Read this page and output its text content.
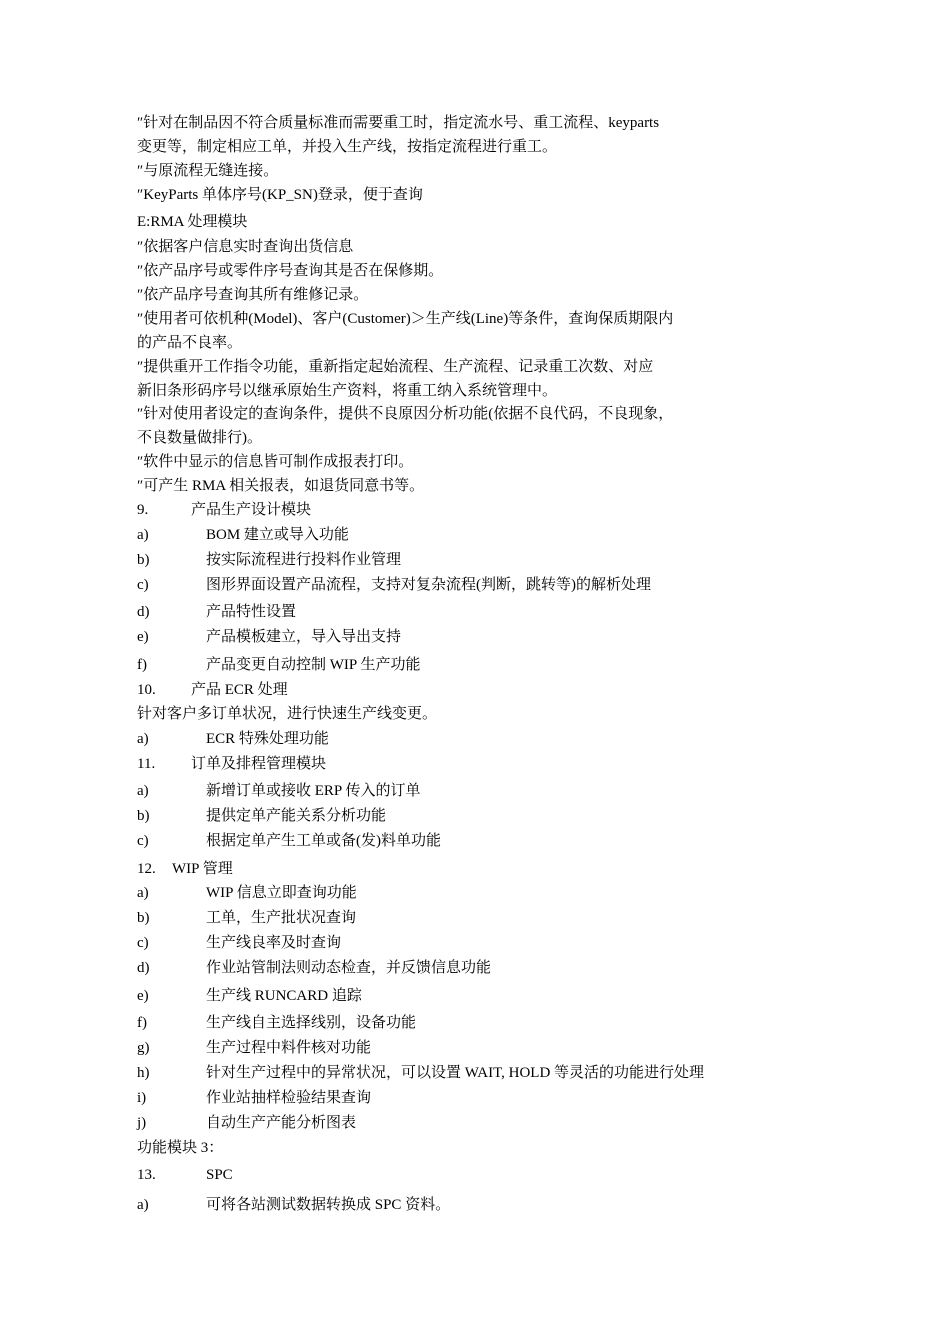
″针对在制品因不符合质量标准而需要重工时，指定流水号、重工流程、keyparts
变更等，制定相应工单，并投入生产线，按指定流程进行重工。
″与原流程无缝连接。
″KeyParts 单体序号(KP_SN)登录，便于查询
E:RMA 处理模块
″依据客户信息实时查询出货信息
″依产品序号或零件序号查询其是否在保修期。
″依产品序号查询其所有维修记录。
″使用者可依机种(Model)、客户(Customer)＞生产线(Line)等条件，查询保质期限内
的产品不良率。
″提供重开工作指令功能，重新指定起始流程、生产流程、记录重工次数、对应
新旧条形码序号以继承原始生产资料，将重工纳入系统管理中。
″针对使用者设定的查询条件，提供不良原因分析功能(依据不良代码，不良现象，
不良数量做排行)。
″软件中显示的信息皆可制作成报表打印。
″可产生 RMA 相关报表，如退货同意书等。
9.	产品生产设计模块
a)	BOM 建立或导入功能
b)	按实际流程进行投料作业管理
c)	图形界面设置产品流程，支持对复杂流程(判断，跳转等)的解析处理
d)	产品特性设置
e)	产品模板建立，导入导出支持
f)	产品变更自动控制 WIP 生产功能
10. 产品 ECR 处理
针对客户多订单状况，进行快速生产线变更。
a)	ECR 特殊处理功能
11. 订单及排程管理模块
a)	新增订单或接收 ERP 传入的订单
b)	提供定单产能关系分析功能
c)	根据定单产生工单或备(发)料单功能
12. WIP 管理
a)	WIP 信息立即查询功能
b)	工单，生产批状况查询
c)	生产线良率及时查询
d)	作业站管制法则动态检查，并反馈信息功能
e)	生产线 RUNCARD 追踪
f)	生产线自主选择线别，设备功能
g)	生产过程中料件核对功能
h)	针对生产过程中的异常状况，可以设置 WAIT, HOLD 等灵活的功能进行处理
i)	作业站抽样检验结果查询
j)	自动生产产能分析图表
功能模块 3：
13.	SPC
a)	可将各站测试数据转换成 SPC 资料。
